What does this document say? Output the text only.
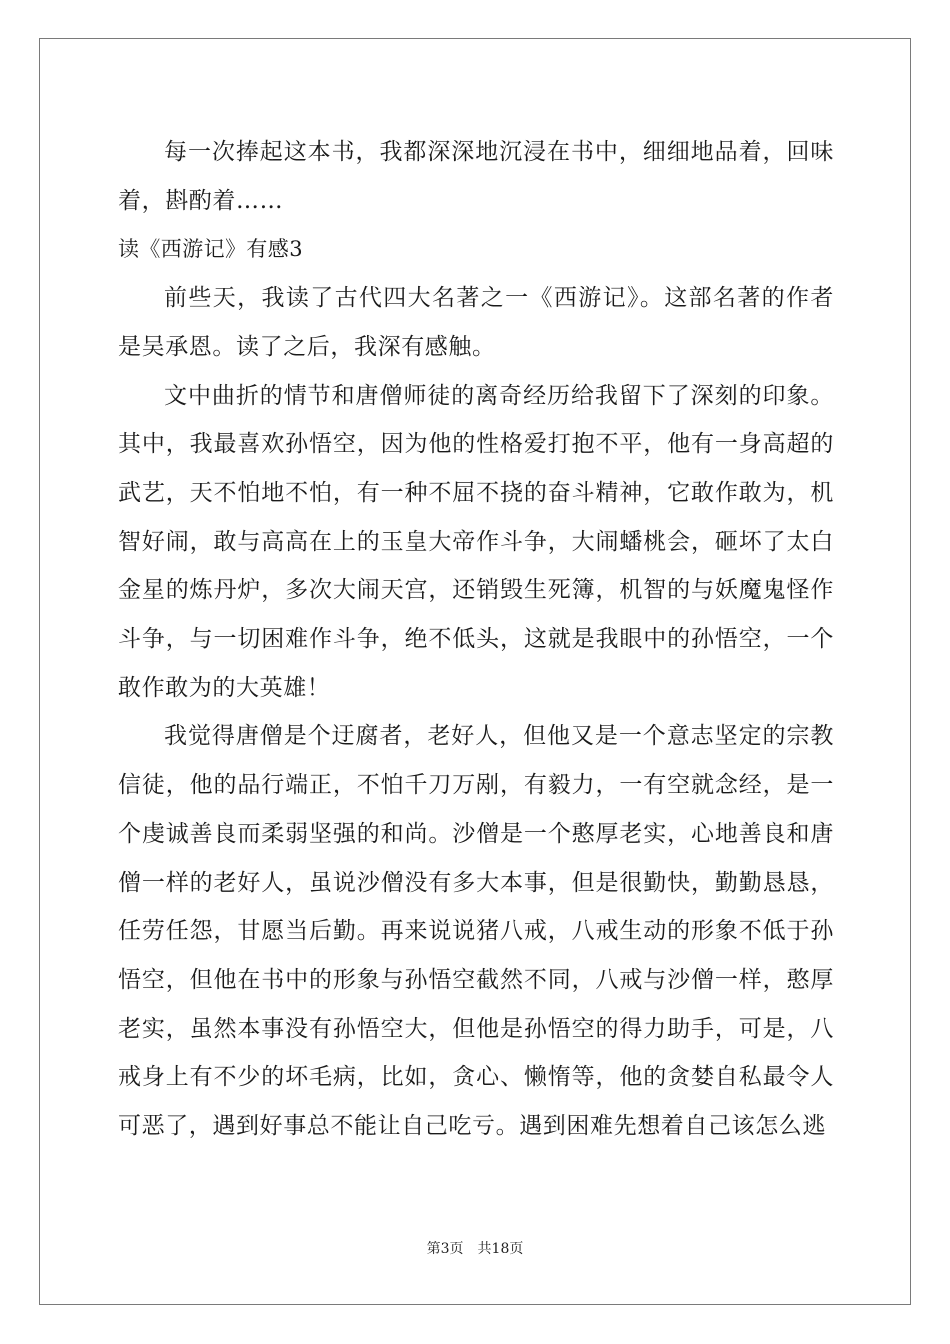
每一次捧起这本书，我都深深地沉浸在书中，细细地品着，回味着，斟酌着……

读《西游记》有感3

前些天，我读了古代四大名著之一《西游记》。这部名著的作者是吴承恩。读了之后，我深有感触。

文中曲折的情节和唐僧师徒的离奇经历给我留下了深刻的印象。其中，我最喜欢孙悟空，因为他的性格爱打抱不平，他有一身高超的武艺，天不怕地不怕，有一种不屈不挠的奋斗精神，它敢作敢为，机智好闹，敢与高高在上的玉皇大帝作斗争，大闹蟠桃会，砸坏了太白金星的炼丹炉，多次大闹天宫，还销毁生死簿，机智的与妖魔鬼怪作斗争，与一切困难作斗争，绝不低头，这就是我眼中的孙悟空，一个敢作敢为的大英雄！

我觉得唐僧是个迂腐者，老好人，但他又是一个意志坚定的宗教信徒，他的品行端正，不怕千刀万剐，有毅力，一有空就念经，是一个虔诚善良而柔弱坚强的和尚。沙僧是一个憨厚老实，心地善良和唐僧一样的老好人，虽说沙僧没有多大本事，但是很勤快，勤勤恳恳，任劳任怨，甘愿当后勤。再来说说猪八戒，八戒生动的形象不低于孙悟空，但他在书中的形象与孙悟空截然不同，八戒与沙僧一样，憨厚老实，虽然本事没有孙悟空大，但他是孙悟空的得力助手，可是，八戒身上有不少的坏毛病，比如，贪心、懒惰等，他的贪婪自私最令人可恶了，遇到好事总不能让自己吃亏。遇到困难先想着自己该怎么逃

第3页　共18页
